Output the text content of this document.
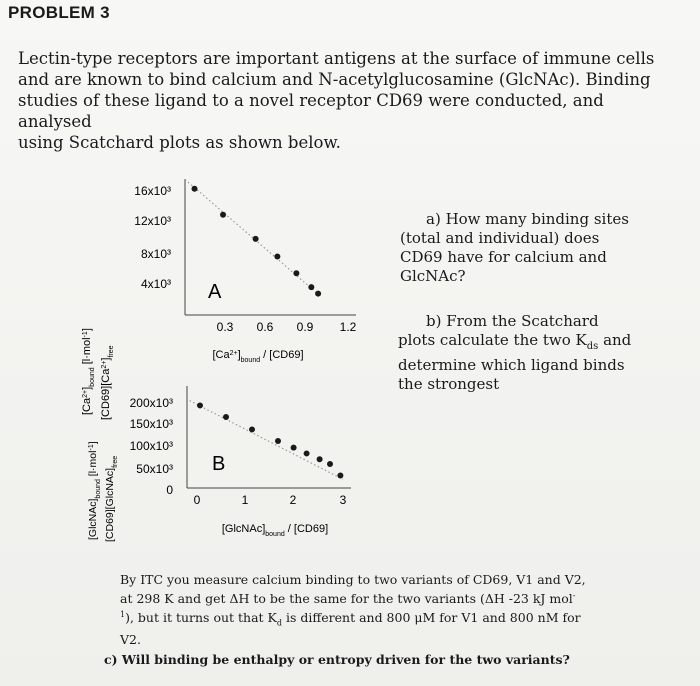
PROBLEM 3
Lectin-type receptors are important antigens at the surface of immune cells
and are known to bind calcium and N-acetylglucosamine (GlcNAc). Binding
studies of these ligand to a novel receptor CD69 were conducted, and analysed
using Scatchard plots as shown below.
$[Ca^{2+}]_{bound}$ [l·mol$^{-1}$]
$[CD69][Ca^{2+}]_{free}$
16x10³
12x10³
8x10³
4x10³
0.3 0.6 0.9 1.2
A
$[Ca^{2+}]_{bound} / [CD69]$
$[GlcNAc]_{bound}$ [l·mol$^{-1}$]
$[CD69][GlcNAc]_{free}$
200x10³
150x10³
100x10³
50x10³
0
0	1	2	3
B
$[GlcNAc]_{bound} / [CD69]$
a) How many binding sites
(total and individual) does
CD69 have for calcium and
GlcNAc?
b) From the Scatchard
plots calculate the two $K_{ds}$ and
determine which ligand binds
the strongest
By ITC you measure calcium binding to two variants of CD69, V1 and V2,
at 298 K and get ΔH to be the same for the two variants (ΔH -23 kJ mol-
$^1$), but it turns out that $K_d$ is different and 800 μM for V1 and 800 nM for
V2.
c) Will binding be enthalpy or entropy driven for the two variants?
